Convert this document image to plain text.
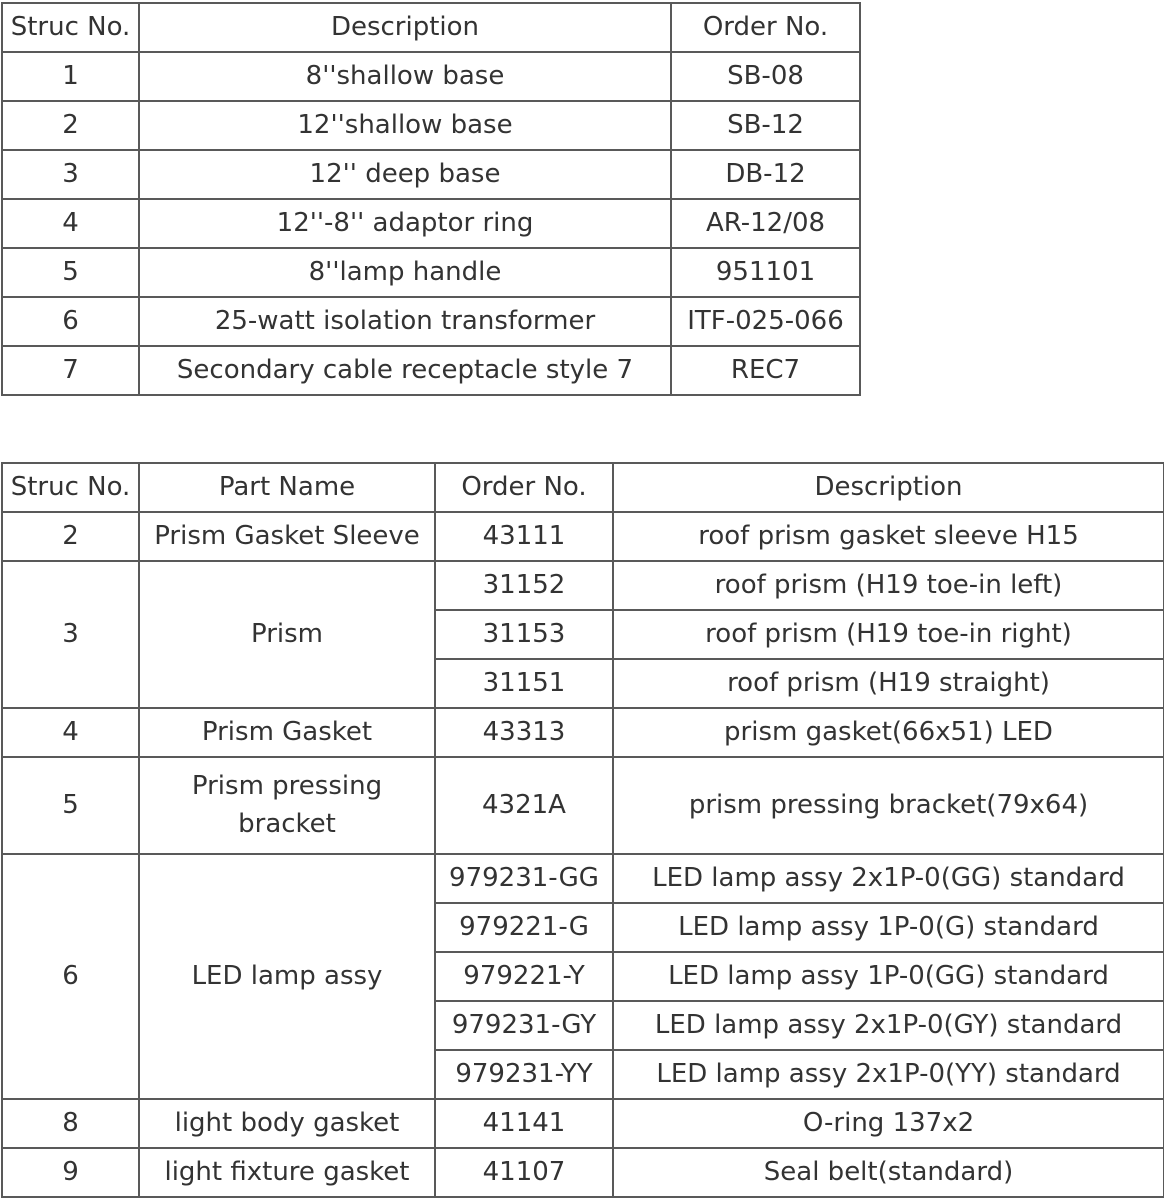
Struc No.	Description	Order No.
1	8''shallow base	SB-08
2	12''shallow base	SB-12
3	12'' deep base	DB-12
4	12''-8'' adaptor ring	AR-12/08
5	8''lamp handle	951101
6	25-watt isolation transformer	ITF-025-066
7	Secondary cable receptacle style 7	REC7
Struc No.	Part Name	Order No.	Description
2	Prism Gasket Sleeve	43111	roof prism gasket sleeve H15
3	Prism	31152	roof prism (H19 toe-in left)
		31153	roof prism (H19 toe-in right)
		31151	roof prism (H19 straight)
4	Prism Gasket	43313	prism gasket(66x51) LED
5	Prism pressing bracket	4321A	prism pressing bracket(79x64)
6	LED lamp assy	979231-GG	LED lamp assy 2x1P-0(GG) standard
		979221-G	LED lamp assy 1P-0(G) standard
		979221-Y	LED lamp assy 1P-0(GG) standard
		979231-GY	LED lamp assy 2x1P-0(GY) standard
		979231-YY	LED lamp assy 2x1P-0(YY) standard
8	light body gasket	41141	O-ring 137x2
9	light fixture gasket	41107	Seal belt(standard)
